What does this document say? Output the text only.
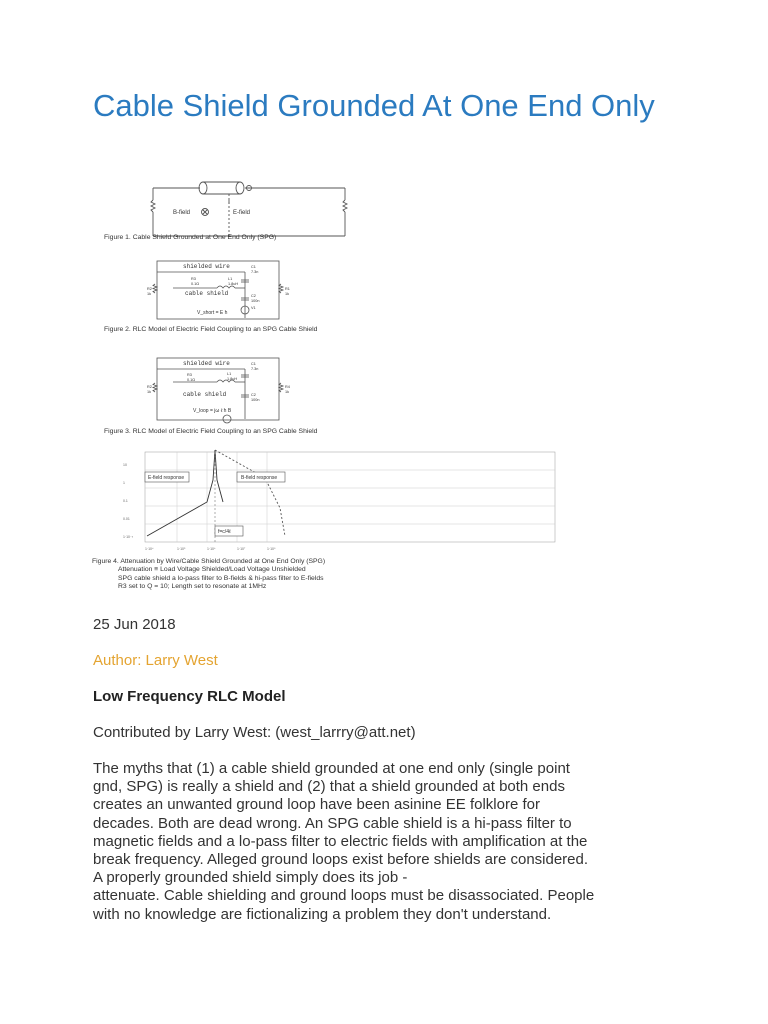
Cable Shield Grounded At One End Only
B-field	E-field
Figure 1. Cable Shield Grounded at One End Only (SPG)
shielded wire
cable shield
R3
0.1Ω
L1
1.8uH
C1
7.3n
C2
100n
R2
1k
R1
1k
V1
V_short = E h
Figure 2. RLC Model of Electric Field Coupling to an SPG Cable Shield
shielded wire
cable shield
R3
0.1Ω
L1
1.8uH
C1
7.3n
C2
100n
R2
1k
R4
1k
V_loop = jω ℓ h B
Figure 3. RLC Model of Electric Field Coupling to an SPG Cable Shield
E-field response	B-field response
f=c/4ℓ
10
1
0.1
0.01
1·10⁻³
1·10⁴	1·10⁵	1·10⁶	1·10⁷	1·10⁸
Figure 4. Attenuation by Wire/Cable Shield Grounded at One End Only (SPG)
Attenuation ≡ Load Voltage Shielded/Load Voltage Unshielded
SPG cable shield a lo-pass filter to B-fields & hi-pass filter to E-fields
R3 set to Q = 10; Length set to resonate at 1MHz
25 Jun 2018
Author: Larry West
Low Frequency RLC Model
Contributed by Larry West: (west_larrry@att.net)
The myths that (1) a cable shield grounded at one end only (single point
gnd, SPG) is really a shield and (2) that a shield grounded at both ends
creates an unwanted ground loop have been asinine EE folklore for
decades. Both are dead wrong. An SPG cable shield is a hi-pass filter to
magnetic fields and a lo-pass filter to electric fields with amplification at the
break frequency. Alleged ground loops exist before shields are considered.
A properly grounded shield simply does its job -
attenuate. Cable shielding and ground loops must be disassociated. People
with no knowledge are fictionalizing a problem they don't understand.
